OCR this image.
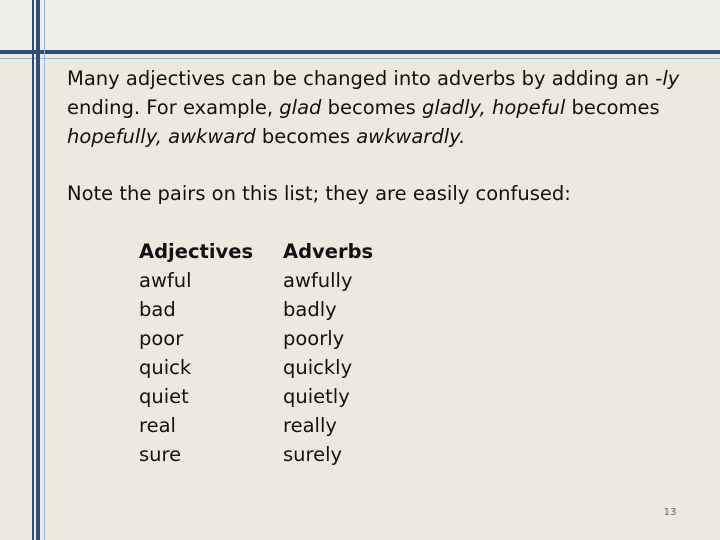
Many adjectives can be changed into adverbs by adding an -ly ending. For example, glad becomes gladly, hopeful becomes hopefully, awkward becomes awkwardly.

Note the pairs on this list; they are easily confused:

Adjectives
awful
bad
poor
quick
quiet
real
sure
Adverbs
awfully
badly
poorly
quickly
quietly
really
surely
13
